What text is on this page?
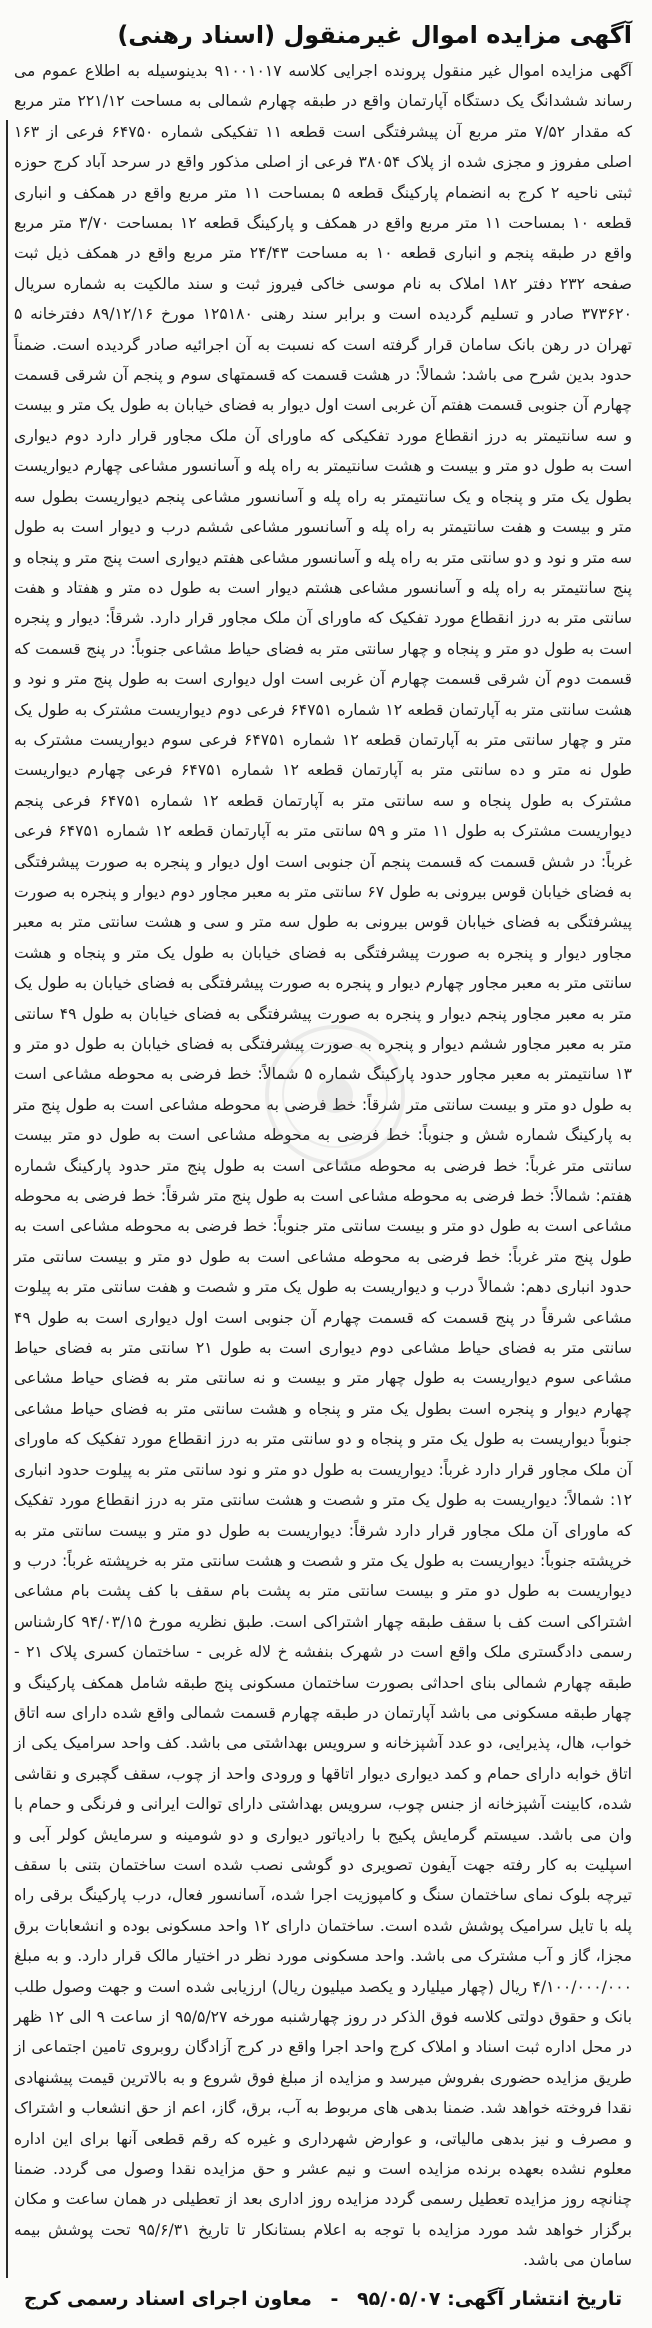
آگهی مزایده اموال غیرمنقول (اسناد رهنی)

آگهی مزایده اموال غیر منقول پرونده اجرایی کلاسه ۹۱۰۰۱۰۱۷ بدینوسیله به اطلاع عموم می رساند ششدانگ یک دستگاه آپارتمان واقع در طبقه چهارم شمالی به مساحت ۲۲۱/۱۲ متر مربع که مقدار ۷/۵۲ متر مربع آن پیشرفتگی است قطعه ۱۱ تفکیکی شماره ۶۴۷۵۰ فرعی از ۱۶۳ اصلی مفروز و مجزی شده از پلاک ۳۸۰۵۴ فرعی از اصلی مذکور واقع در سرحد آباد کرج حوزه ثبتی ناحیه ۲ کرج به انضمام پارکینگ قطعه ۵ بمساحت ۱۱ متر مربع واقع در همکف و انباری قطعه ۱۰ بمساحت ۱۱ متر مربع واقع در همکف و پارکینگ قطعه ۱۲ بمساحت ۳/۷۰ متر مربع واقع در طبقه پنجم و انباری قطعه ۱۰ به مساحت ۲۴/۴۳ متر مربع واقع در همکف ذیل ثبت صفحه ۲۳۲ دفتر ۱۸۲ املاک به نام موسی خاکی فیروز ثبت و سند مالکیت به شماره سریال ۳۷۳۶۲۰ صادر و تسلیم گردیده است و برابر سند رهنی ۱۲۵۱۸۰ مورخ ۸۹/۱۲/۱۶ دفترخانه ۵ تهران در رهن بانک سامان قرار گرفته است که نسبت به آن اجرائیه صادر گردیده است. ضمناً حدود بدین شرح می باشد: شمالاً: در هشت قسمت که قسمتهای سوم و پنجم آن شرقی قسمت چهارم آن جنوبی قسمت هفتم آن غربی است اول دیوار به فضای خیابان به طول یک متر و بیست و سه سانتیمتر به درز انقطاع مورد تفکیکی که ماورای آن ملک مجاور قرار دارد دوم دیواری است به طول دو متر و بیست و هشت سانتیمتر به راه پله و آسانسور مشاعی چهارم دیواریست بطول یک متر و پنجاه و یک سانتیمتر به راه پله و آسانسور مشاعی پنجم دیواریست بطول سه متر و بیست و هفت سانتیمتر به راه پله و آسانسور مشاعی ششم درب و دیوار است به طول سه متر و نود و دو سانتی متر به راه پله و آسانسور مشاعی هفتم دیواری است پنج متر و پنجاه و پنج سانتیمتر به راه پله و آسانسور مشاعی هشتم دیوار است به طول ده متر و هفتاد و هفت سانتی متر به درز انقطاع مورد تفکیک که ماورای آن ملک مجاور قرار دارد. شرقاً: دیوار و پنجره است به طول دو متر و پنجاه و چهار سانتی متر به فضای حیاط مشاعی جنوباً: در پنج قسمت که قسمت دوم آن شرقی قسمت چهارم آن غربی است اول دیواری است به طول پنج متر و نود و هشت سانتی متر به آپارتمان قطعه ۱۲ شماره ۶۴۷۵۱ فرعی دوم دیواریست مشترک به طول یک متر و چهار سانتی متر به آپارتمان قطعه ۱۲ شماره ۶۴۷۵۱ فرعی سوم دیواریست مشترک به طول نه متر و ده سانتی متر به آپارتمان قطعه ۱۲ شماره ۶۴۷۵۱ فرعی چهارم دیواریست مشترک به طول پنجاه و سه سانتی متر به آپارتمان قطعه ۱۲ شماره ۶۴۷۵۱ فرعی پنجم دیواریست مشترک به طول ۱۱ متر و ۵۹ سانتی متر به آپارتمان قطعه ۱۲ شماره ۶۴۷۵۱ فرعی غرباً: در شش قسمت که قسمت پنجم آن جنوبی است اول دیوار و پنجره به صورت پیشرفتگی به فضای خیابان قوس بیرونی به طول ۶۷ سانتی متر به معبر مجاور دوم دیوار و پنجره به صورت پیشرفتگی به فضای خیابان قوس بیرونی به طول سه متر و سی و هشت سانتی متر به معبر مجاور دیوار و پنجره به صورت پیشرفتگی به فضای خیابان به طول یک متر و پنجاه و هشت سانتی متر به معبر مجاور چهارم دیوار و پنجره به صورت پیشرفتگی به فضای خیابان به طول یک متر به معبر مجاور پنجم دیوار و پنجره به صورت پیشرفتگی به فضای خیابان به طول ۴۹ سانتی متر به معبر مجاور ششم دیوار و پنجره به صورت پیشرفتگی به فضای خیابان به طول دو متر و ۱۳ سانتیمتر به معبر مجاور حدود پارکینگ شماره ۵ شمالاً: خط فرضی به محوطه مشاعی است به طول دو متر و بیست سانتی متر شرقاً: خط فرضی به محوطه مشاعی است به طول پنج متر به پارکینگ شماره شش و جنوباً: خط فرضی به محوطه مشاعی است به طول دو متر بیست سانتی متر غرباً: خط فرضی به محوطه مشاعی است به طول پنج متر حدود پارکینگ شماره هفتم: شمالاً: خط فرضی به محوطه مشاعی است به طول پنج متر شرقاً: خط فرضی به محوطه مشاعی است به طول دو متر و بیست سانتی متر جنوباً: خط فرضی به محوطه مشاعی است به طول پنج متر غرباً: خط فرضی به محوطه مشاعی است به طول دو متر و بیست سانتی متر حدود انباری دهم: شمالاً درب و دیواریست به طول یک متر و شصت و هفت سانتی متر به پیلوت مشاعی شرقاً در پنج قسمت که قسمت چهارم آن جنوبی است اول دیواری است به طول ۴۹ سانتی متر به فضای حیاط مشاعی دوم دیواری است به طول ۲۱ سانتی متر به فضای حیاط مشاعی سوم دیواریست به طول چهار متر و بیست و نه سانتی متر به فضای حیاط مشاعی چهارم دیوار و پنجره است بطول یک متر و پنجاه و هشت سانتی متر به فضای حیاط مشاعی جنوباً دیواریست به طول یک متر و پنجاه و دو سانتی متر به درز انقطاع مورد تفکیک که ماورای آن ملک مجاور قرار دارد غرباً: دیواریست به طول دو متر و نود سانتی متر به پیلوت حدود انباری ۱۲: شمالاً: دیواریست به طول یک متر و شصت و هشت سانتی متر به درز انقطاع مورد تفکیک که ماورای آن ملک مجاور قرار دارد شرقاً: دیواریست به طول دو متر و بیست سانتی متر به خرپشته جنوباً: دیواریست به طول یک متر و شصت و هشت سانتی متر به خرپشته غرباً: درب و دیواریست به طول دو متر و بیست سانتی متر به پشت بام سقف با کف پشت بام مشاعی اشتراکی است کف با سقف طبقه چهار اشتراکی است. طبق نظریه مورخ ۹۴/۰۳/۱۵ کارشناس رسمی دادگستری ملک واقع است در شهرک بنفشه خ لاله غربی - ساختمان کسری پلاک ۲۱ - طبقه چهارم شمالی بنای احداثی بصورت ساختمان مسکونی پنج طبقه شامل همکف پارکینگ و چهار طبقه مسکونی می باشد آپارتمان در طبقه چهارم قسمت شمالی واقع شده دارای سه اتاق خواب، هال، پذیرایی، دو عدد آشپزخانه و سرویس بهداشتی می باشد. کف واحد سرامیک یکی از اتاق خوابه دارای حمام و کمد دیواری دیوار اتاقها و ورودی واحد از چوب، سقف گچبری و نقاشی شده، کابینت آشپزخانه از جنس چوب، سرویس بهداشتی دارای توالت ایرانی و فرنگی و حمام با وان می باشد. سیستم گرمایش پکیج با رادیاتور دیواری و دو شومینه و سرمایش کولر آبی و اسپلیت به کار رفته جهت آیفون تصویری دو گوشی نصب شده است ساختمان بتنی با سقف تیرچه بلوک نمای ساختمان سنگ و کامپوزیت اجرا شده، آسانسور فعال، درب پارکینگ برقی راه پله با تایل سرامیک پوشش شده است. ساختمان دارای ۱۲ واحد مسکونی بوده و انشعابات برق مجزا، گاز و آب مشترک می باشد. واحد مسکونی مورد نظر در اختیار مالک قرار دارد. و به مبلغ ۴/۱۰۰/۰۰۰/۰۰۰ ریال (چهار میلیارد و یکصد میلیون ریال) ارزیابی شده است و جهت وصول طلب بانک و حقوق دولتی کلاسه فوق الذکر در روز چهارشنبه مورخه ۹۵/۵/۲۷ از ساعت ۹ الی ۱۲ ظهر در محل اداره ثبت اسناد و املاک کرج واحد اجرا واقع در کرج آزادگان روبروی تامین اجتماعی از طریق مزایده حضوری بفروش میرسد و مزایده از مبلغ فوق شروع و به بالاترین قیمت پیشنهادی نقدا فروخته خواهد شد. ضمنا بدهی های مربوط به آب، برق، گاز، اعم از حق انشعاب و اشتراک و مصرف و نیز بدهی مالیاتی، و عوارض شهرداری و غیره که رقم قطعی آنها برای این اداره معلوم نشده بعهده برنده مزایده است و نیم عشر و حق مزایده نقدا وصول می گردد. ضمنا چنانچه روز مزایده تعطیل رسمی گردد مزایده روز اداری بعد از تعطیلی در همان ساعت و مکان برگزار خواهد شد مورد مزایده با توجه به اعلام بستانکار تا تاریخ ۹۵/۶/۳۱ تحت پوشش بیمه سامان می باشد.

تاریخ انتشار آگهی: ۹۵/۰۵/۰۷ - معاون اجرای اسناد رسمی کرج
